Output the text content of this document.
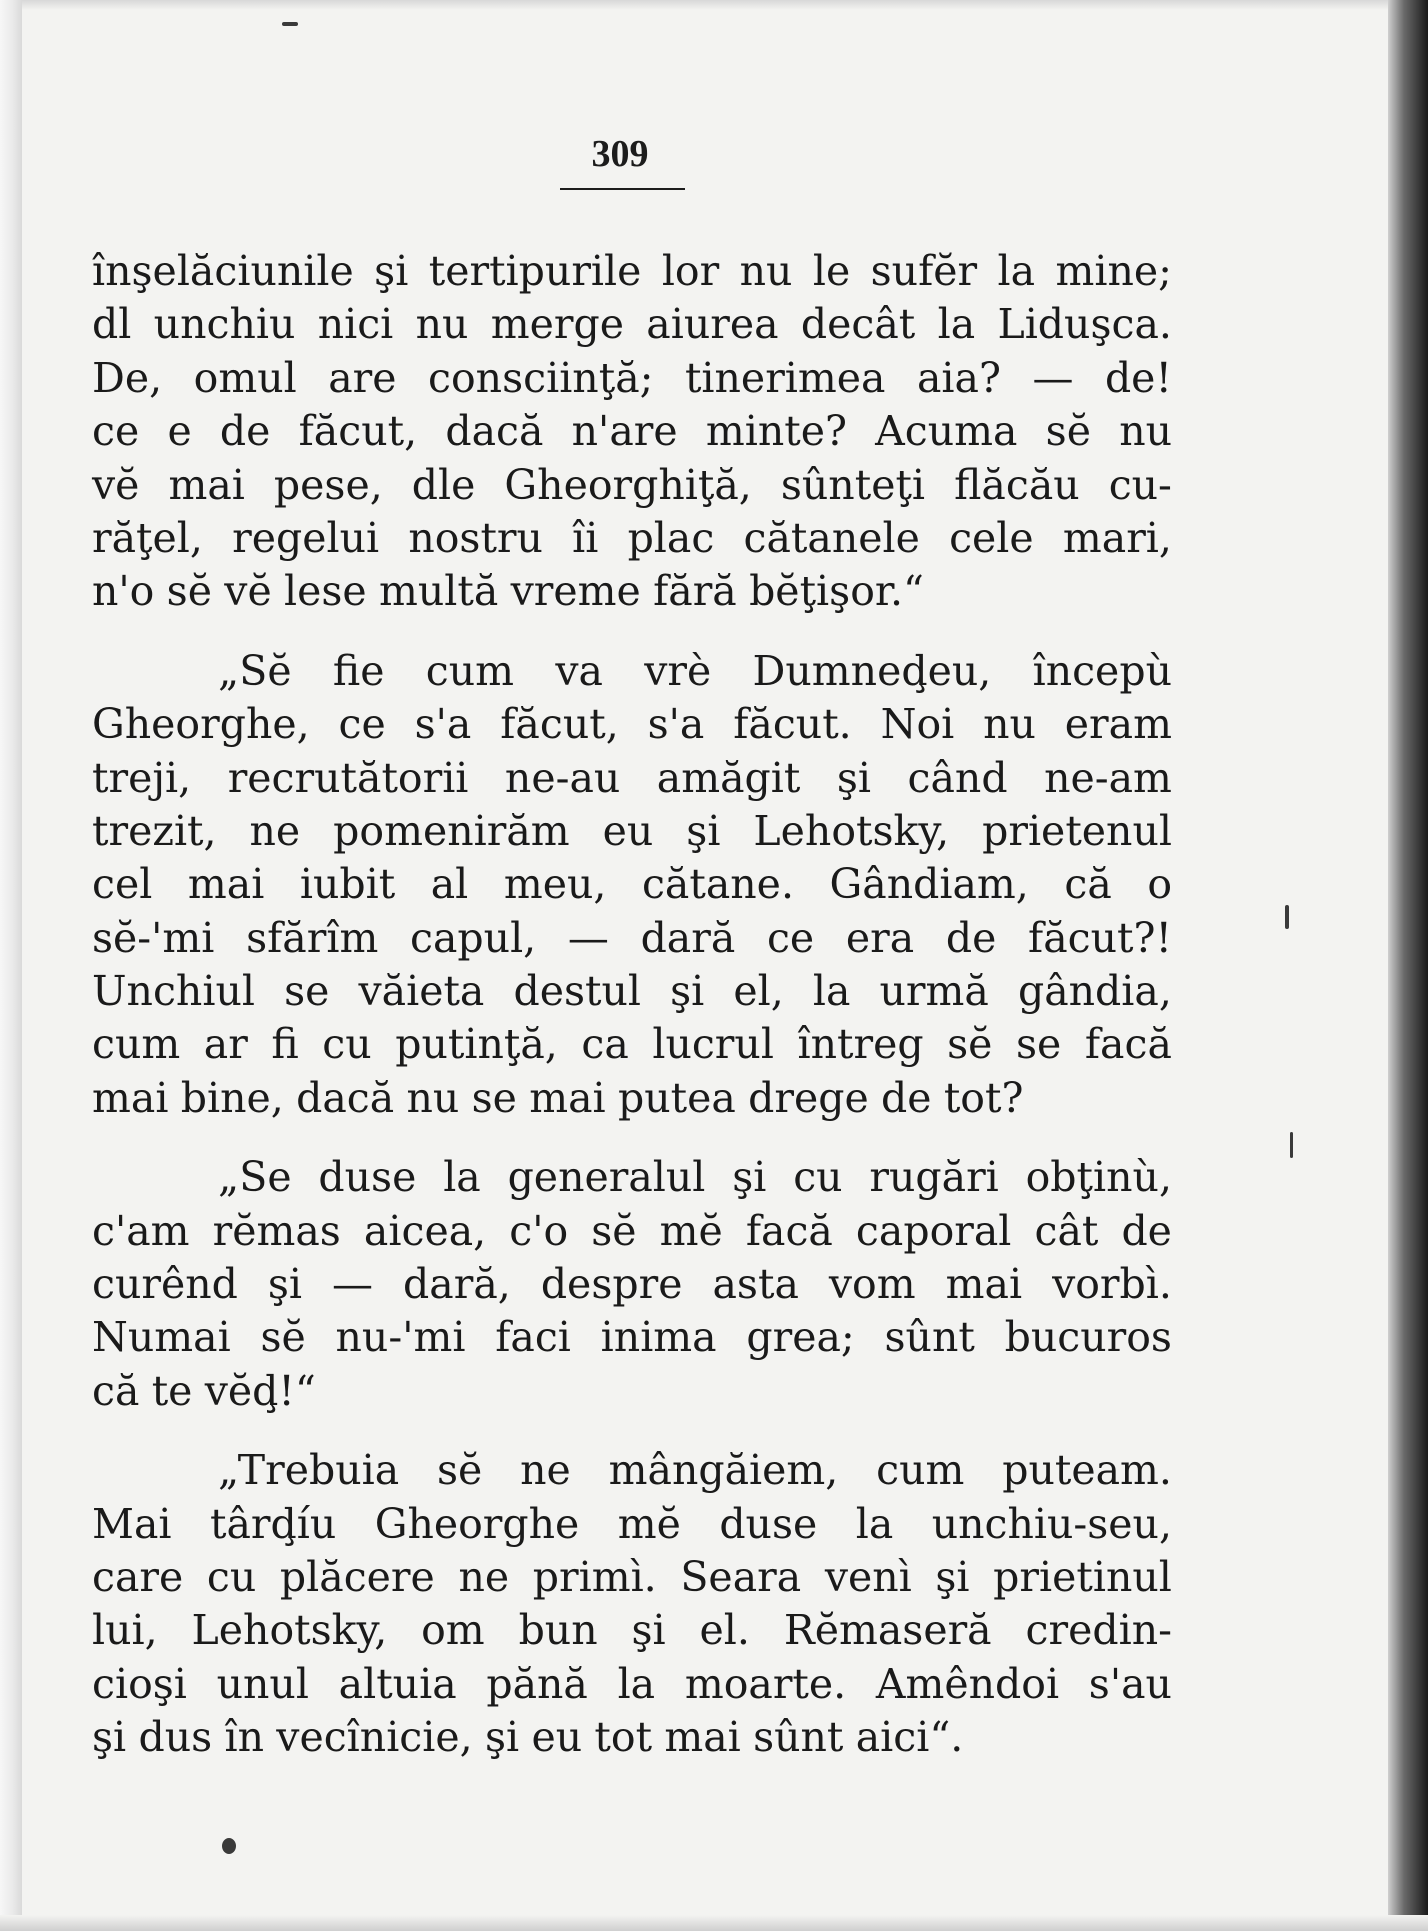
309
înşelăciunile şi tertipurile lor nu le sufĕr la mine;
dl unchiu nici nu merge aiurea decât la Liduşca.
De, omul are consciinţă; tinerimea aia? — de!
ce e de făcut, dacă n'are minte? Acuma sĕ nu
vĕ mai pese, dle Gheorghiţă, sûnteţi flăcău cu-
răţel, regelui nostru îi plac cătanele cele mari,
n'o sĕ vĕ lese multă vreme fără bĕţişor.“
„Sĕ fie cum va vrè Dumneḑeu, începù
Gheorghe, ce s'a făcut, s'a făcut. Noi nu eram
treji, recrutătorii ne-au amăgit şi când ne-am
trezit, ne pomenirăm eu şi Lehotsky, prietenul
cel mai iubit al meu, cătane. Gândiam, că o
sĕ-'mi sfărîm capul, — dară ce era de făcut?!
Unchiul se văieta destul şi el, la urmă gândia,
cum ar fi cu putinţă, ca lucrul întreg sĕ se facă
mai bine, dacă nu se mai putea drege de tot?
„Se duse la generalul şi cu rugări obţinù,
c'am rĕmas aicea, c'o sĕ mĕ facă caporal cât de
curênd şi — dară, despre asta vom mai vorbì.
Numai sĕ nu-'mi faci inima grea; sûnt bucuros
că te vĕḑ!“
„Trebuia sĕ ne mângăiem, cum puteam.
Mai târḑíu Gheorghe mĕ duse la unchiu-seu,
care cu plăcere ne primì. Seara venì şi prietinul
lui, Lehotsky, om bun şi el. Rĕmaseră credin-
cioşi unul altuia pănă la moarte. Amêndoi s'au
şi dus în vecînicie, şi eu tot mai sûnt aici“.
